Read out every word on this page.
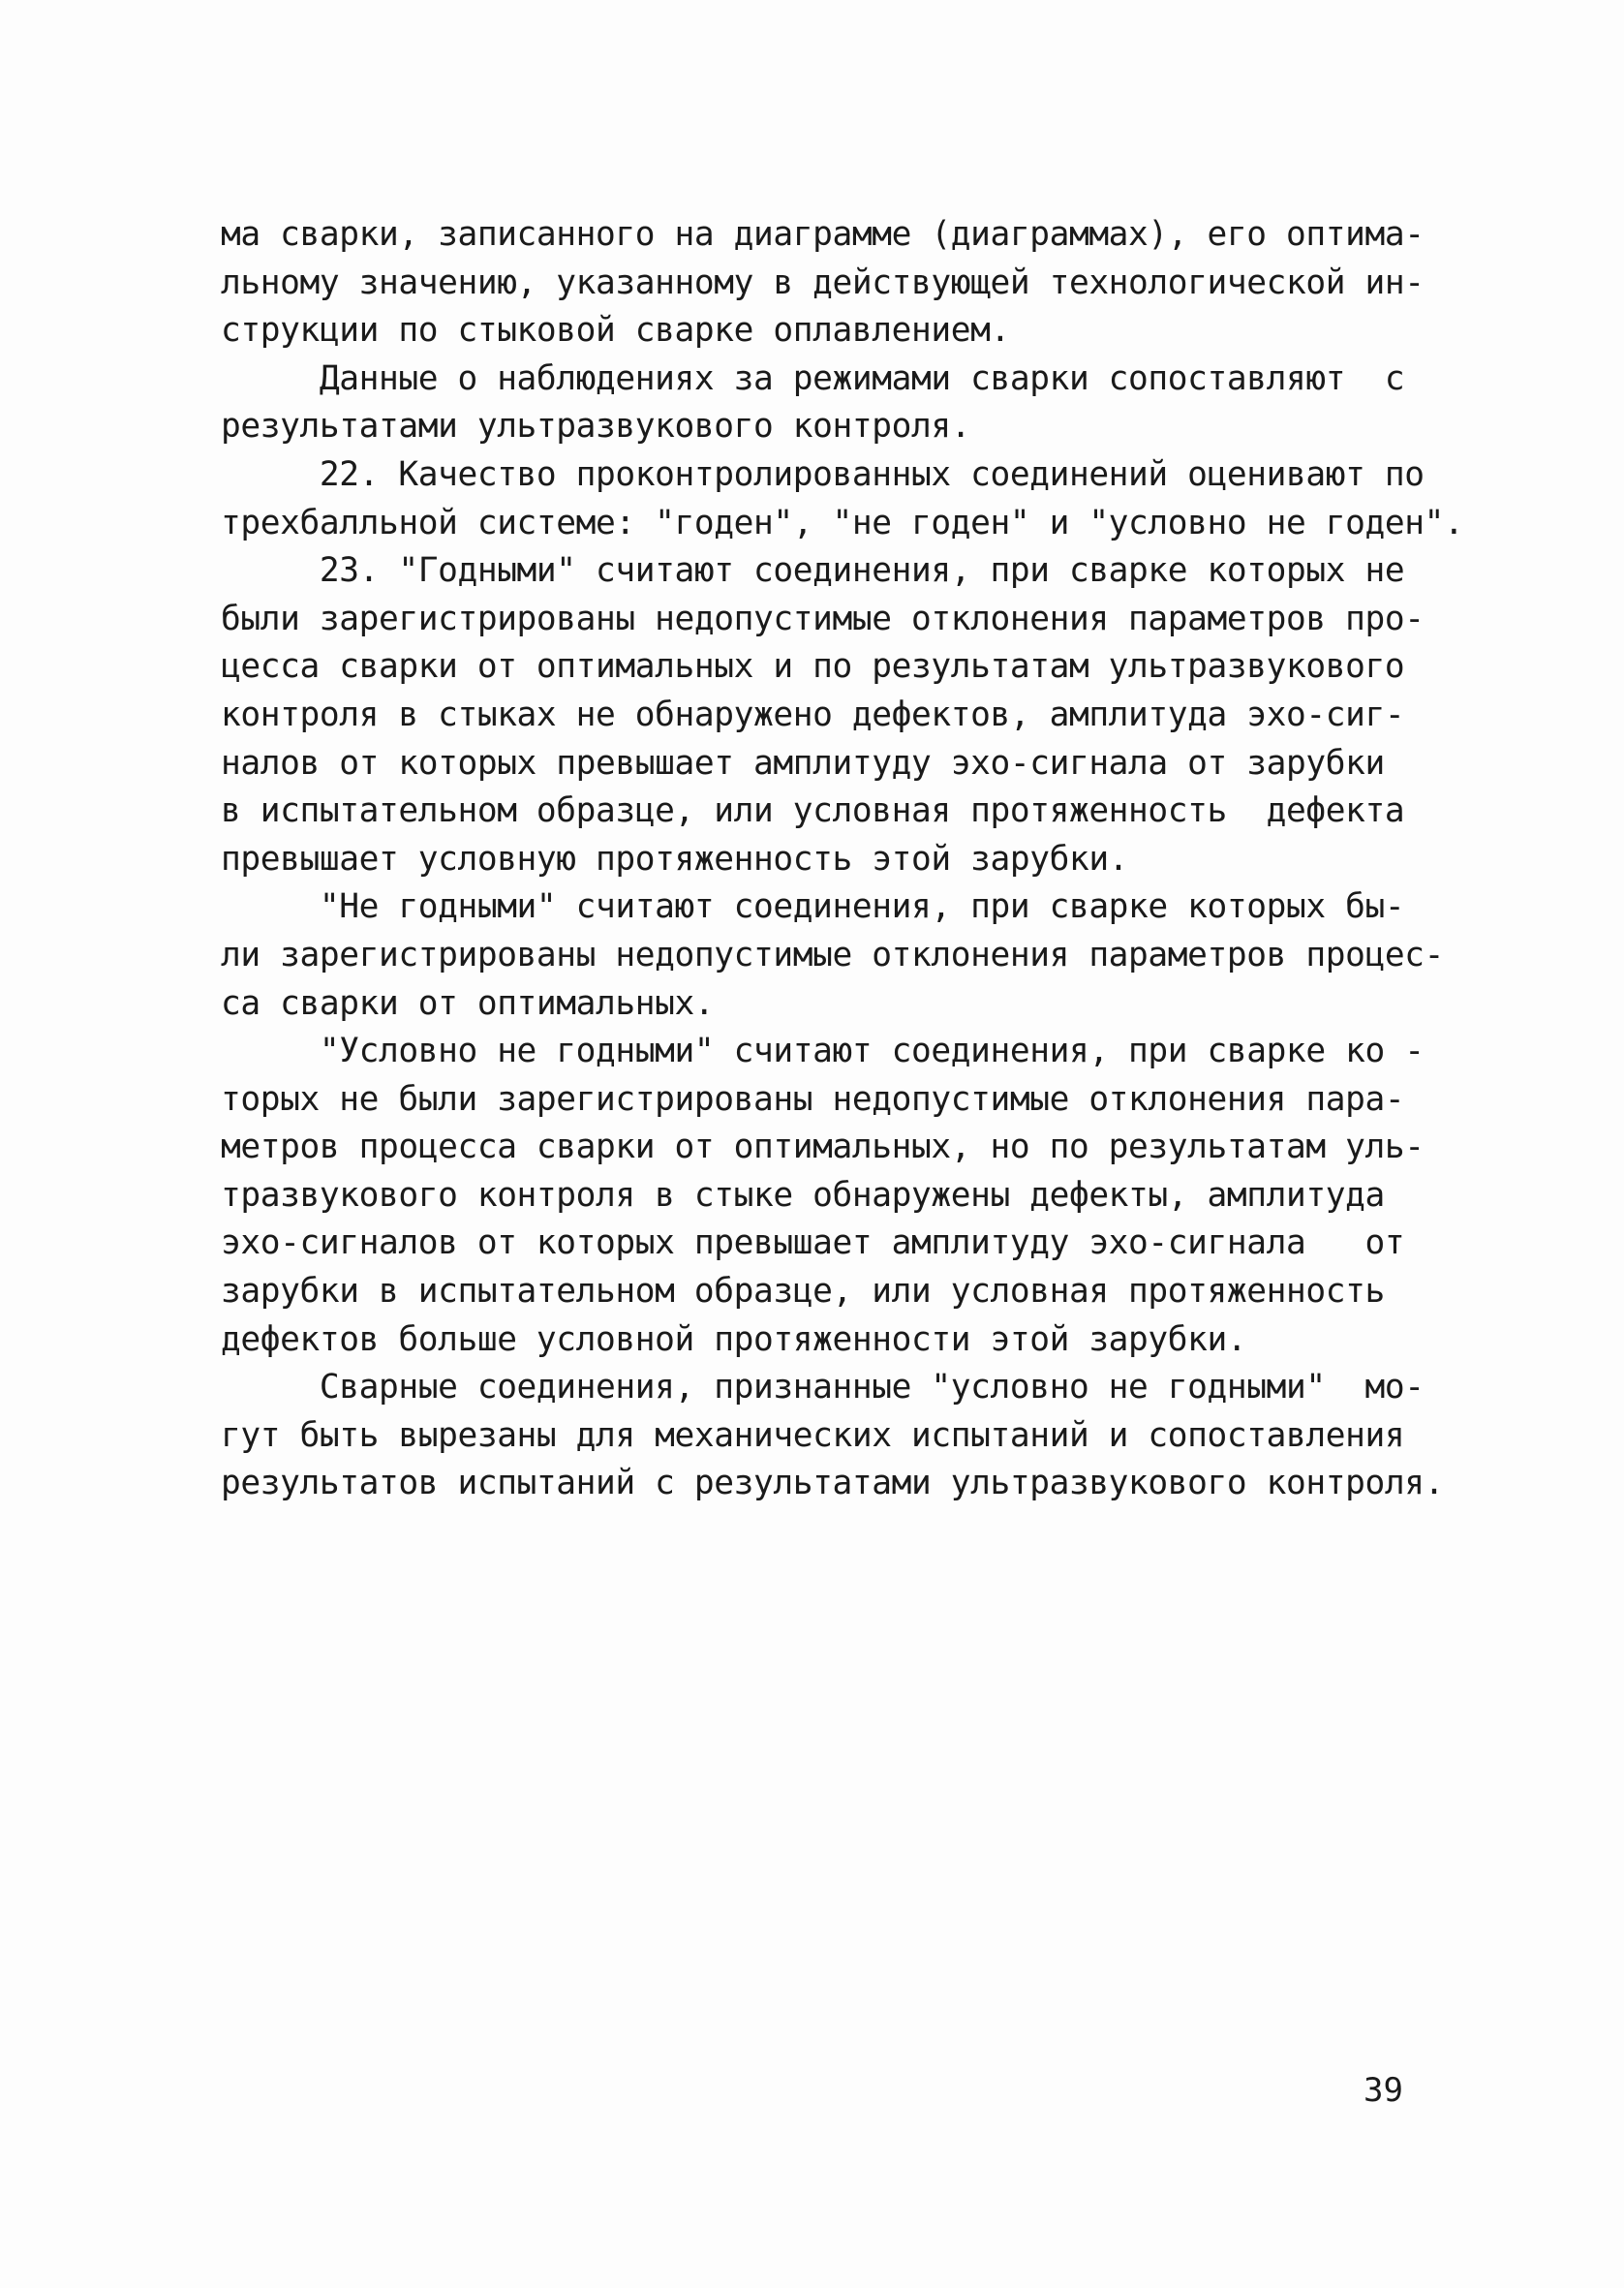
ма сварки, записанного на диаграмме (диаграммах), его оптима-
льному значению, указанному в действующей технологической ин-
струкции по стыковой сварке оплавлением.
Данные о наблюдениях за режимами сварки сопоставляют  с
результатами ультразвукового контроля.
22. Качество проконтролированных соединений оценивают по
трехбалльной системе: "годен", "не годен" и "условно не годен".
23. "Годными" считают соединения, при сварке которых не
были зарегистрированы недопустимые отклонения параметров про-
цесса сварки от оптимальных и по результатам ультразвукового
контроля в стыках не обнаружено дефектов, амплитуда эхо-сиг-
налов от которых превышает амплитуду эхо-сигнала от зарубки
в испытательном образце, или условная протяженность  дефекта
превышает условную протяженность этой зарубки.
"Не годными" считают соединения, при сварке которых бы-
ли зарегистрированы недопустимые отклонения параметров процес-
са сварки от оптимальных.
"Условно не годными" считают соединения, при сварке ко -
торых не были зарегистрированы недопустимые отклонения пара-
метров процесса сварки от оптимальных, но по результатам уль-
тразвукового контроля в стыке обнаружены дефекты, амплитуда
эхо-сигналов от которых превышает амплитуду эхо-сигнала   от
зарубки в испытательном образце, или условная протяженность
дефектов больше условной протяженности этой зарубки.
Сварные соединения, признанные "условно не годными"  мо-
гут быть вырезаны для механических испытаний и сопоставления
результатов испытаний с результатами ультразвукового контроля.
39
